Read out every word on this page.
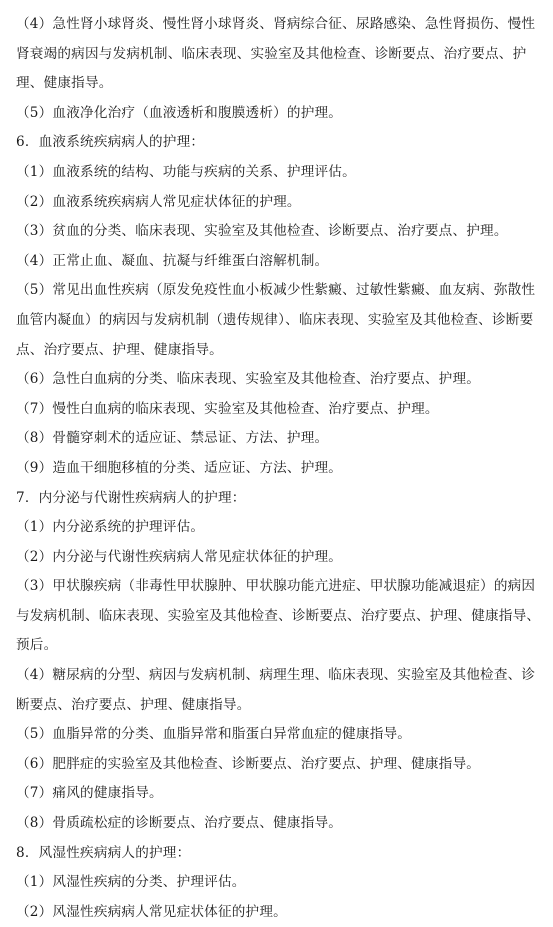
（4）急性肾小球肾炎、慢性肾小球肾炎、肾病综合征、尿路感染、急性肾损伤、慢性肾衰竭的病因与发病机制、临床表现、实验室及其他检查、诊断要点、治疗要点、护理、健康指导。

（5）血液净化治疗（血液透析和腹膜透析）的护理。

6．血液系统疾病病人的护理：

（1）血液系统的结构、功能与疾病的关系、护理评估。

（2）血液系统疾病病人常见症状体征的护理。

（3）贫血的分类、临床表现、实验室及其他检查、诊断要点、治疗要点、护理。

（4）正常止血、凝血、抗凝与纤维蛋白溶解机制。

（5）常见出血性疾病（原发免疫性血小板减少性紫癜、过敏性紫癜、血友病、弥散性血管内凝血）的病因与发病机制（遗传规律）、临床表现、实验室及其他检查、诊断要点、治疗要点、护理、健康指导。

（6）急性白血病的分类、临床表现、实验室及其他检查、治疗要点、护理。

（7）慢性白血病的临床表现、实验室及其他检查、治疗要点、护理。

（8）骨髓穿刺术的适应证、禁忌证、方法、护理。

（9）造血干细胞移植的分类、适应证、方法、护理。

7．内分泌与代谢性疾病病人的护理：

（1）内分泌系统的护理评估。

（2）内分泌与代谢性疾病病人常见症状体征的护理。

（3）甲状腺疾病（非毒性甲状腺肿、甲状腺功能亢进症、甲状腺功能减退症）的病因与发病机制、临床表现、实验室及其他检查、诊断要点、治疗要点、护理、健康指导、预后。

（4）糖尿病的分型、病因与发病机制、病理生理、临床表现、实验室及其他检查、诊断要点、治疗要点、护理、健康指导。

（5）血脂异常的分类、血脂异常和脂蛋白异常血症的健康指导。

（6）肥胖症的实验室及其他检查、诊断要点、治疗要点、护理、健康指导。

（7）痛风的健康指导。

（8）骨质疏松症的诊断要点、治疗要点、健康指导。

8．风湿性疾病病人的护理：

（1）风湿性疾病的分类、护理评估。

（2）风湿性疾病病人常见症状体征的护理。
